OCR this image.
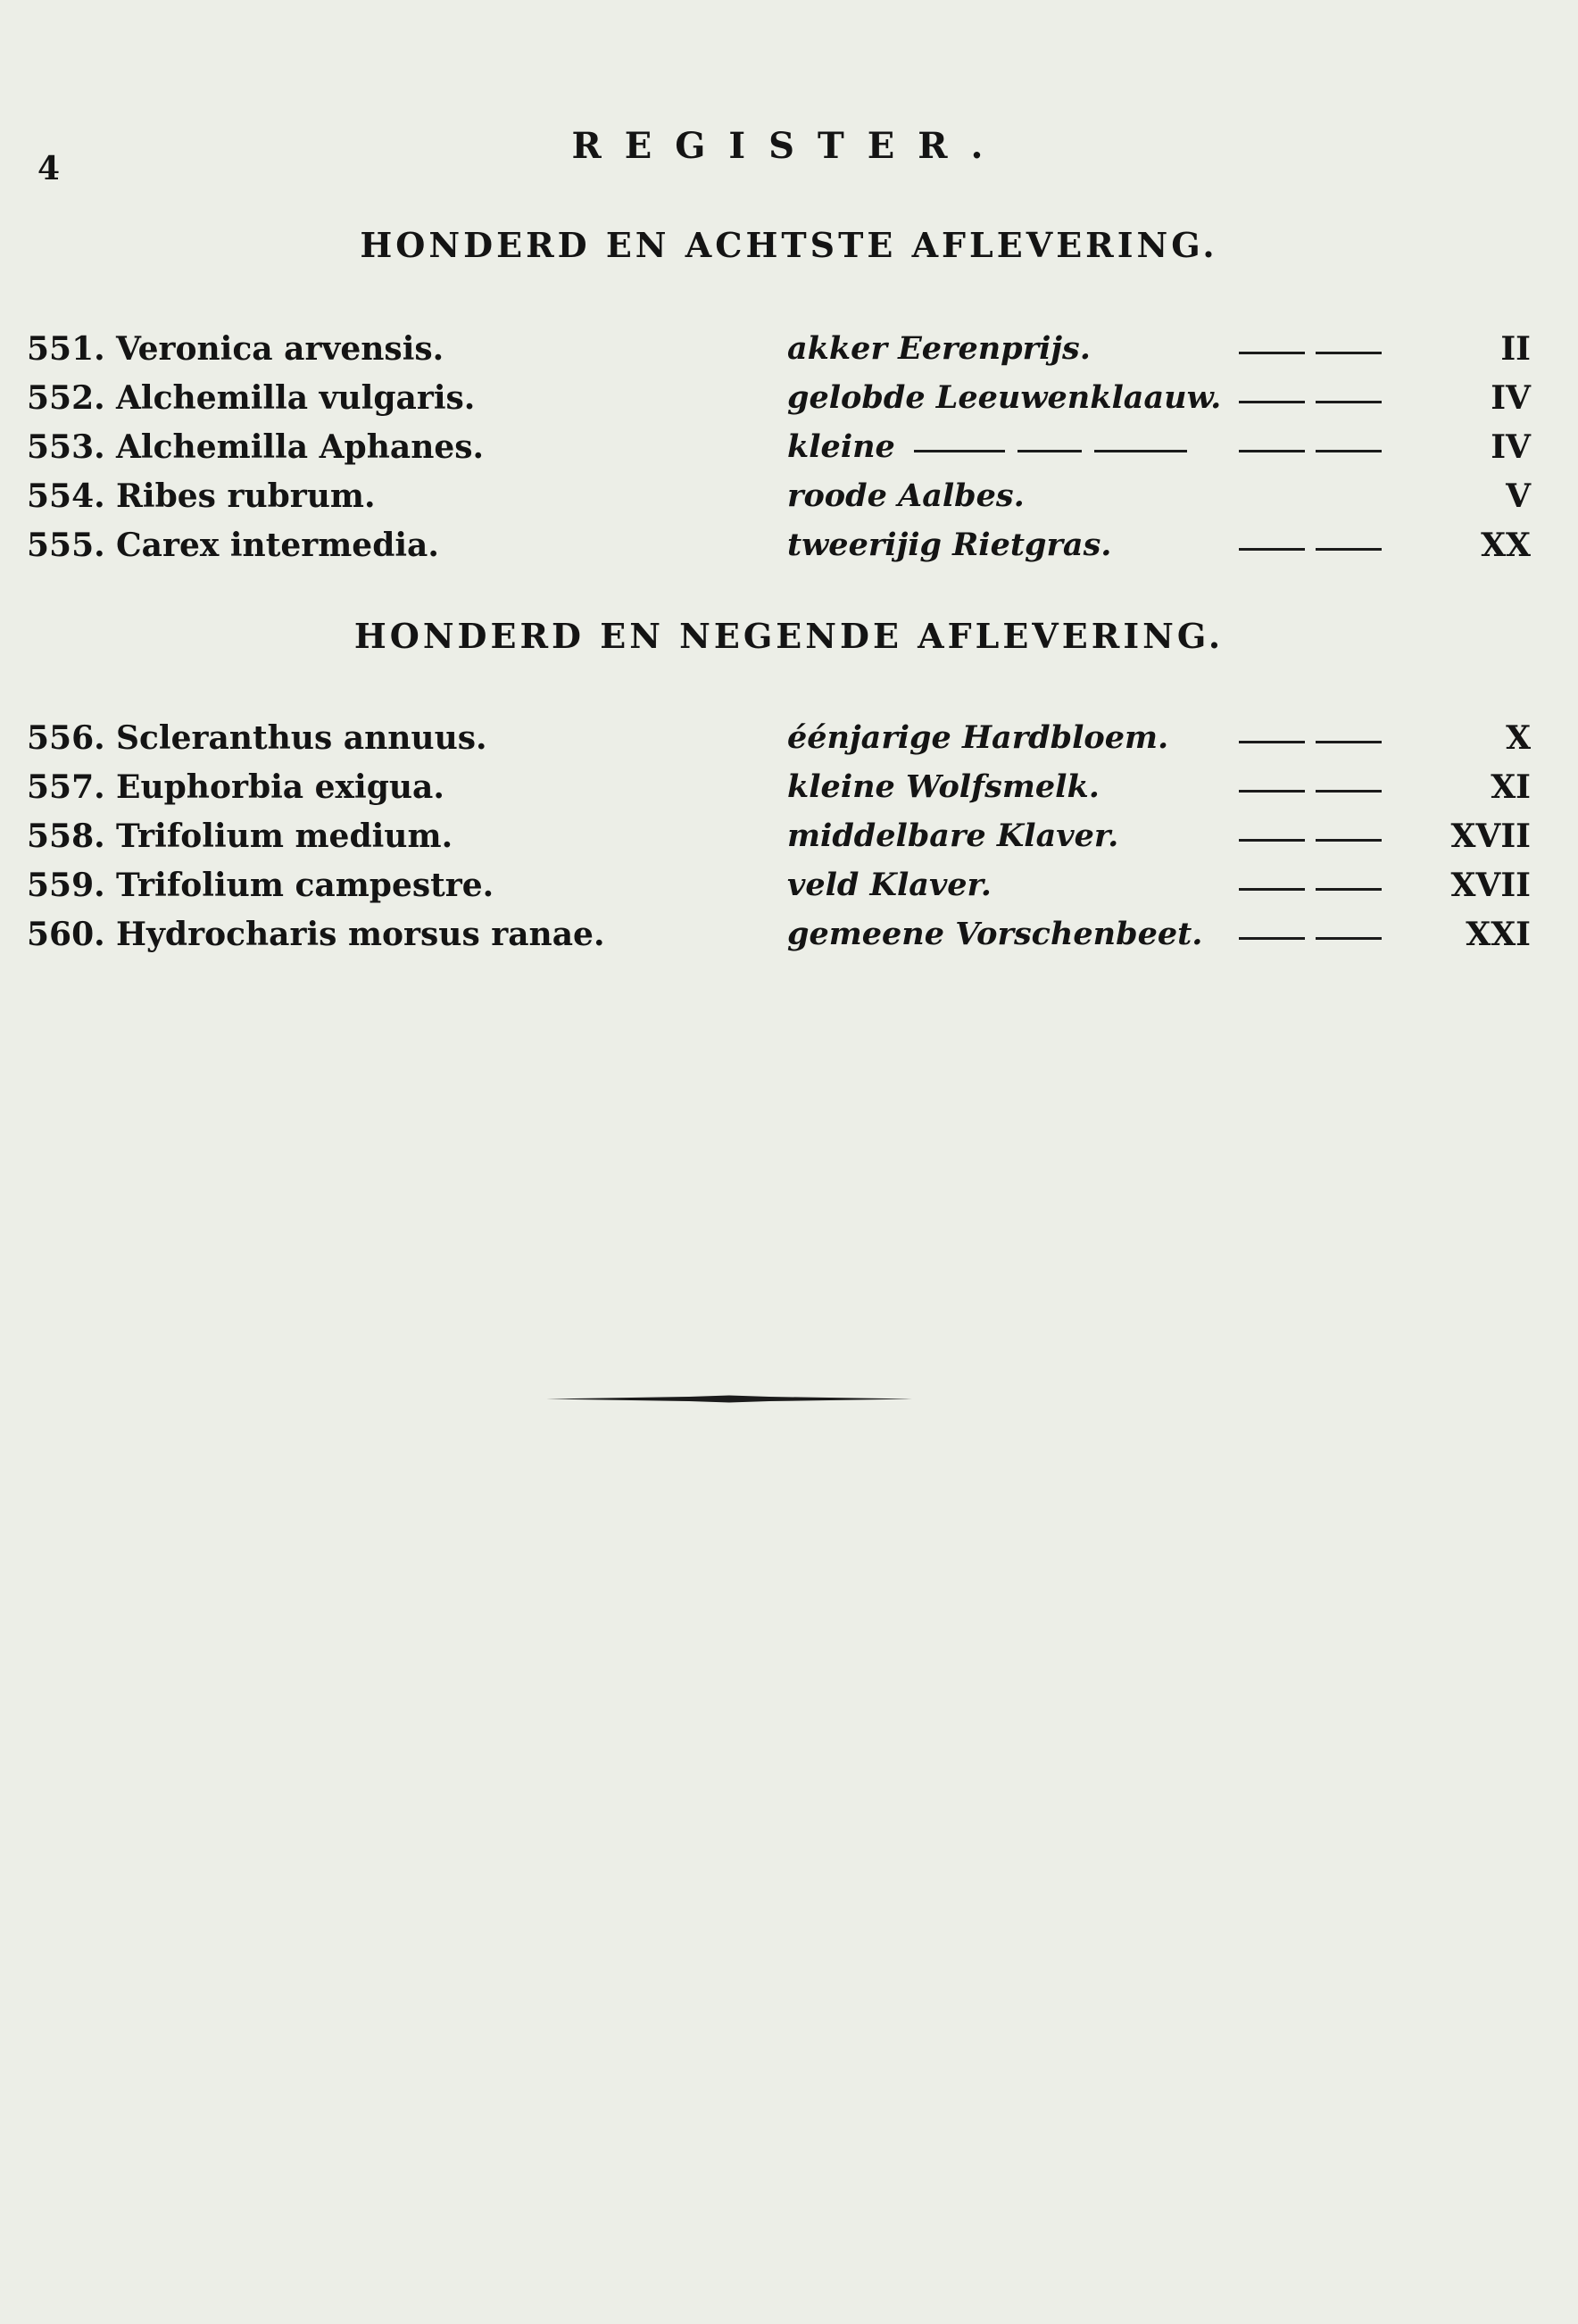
4
REGISTER.
HONDERD EN ACHTSTE AFLEVERING.
551. Veronica arvensis.	akker Eerenprijs.	II
552. Alchemilla vulgaris.	gelobde Leeuwenklaauw.	IV
553. Alchemilla Aphanes.	kleine	IV
554. Ribes rubrum.	roode Aalbes.	V
555. Carex intermedia.	tweerijig Rietgras.	XX
HONDERD EN NEGENDE AFLEVERING.
556. Scleranthus annuus.	éénjarige Hardbloem.	X
557. Euphorbia exigua.	kleine Wolfsmelk.	XI
558. Trifolium medium.	middelbare Klaver.	XVII
559. Trifolium campestre.	veld Klaver.	XVII
560. Hydrocharis morsus ranae.	gemeene Vorschenbeet.	XXI
